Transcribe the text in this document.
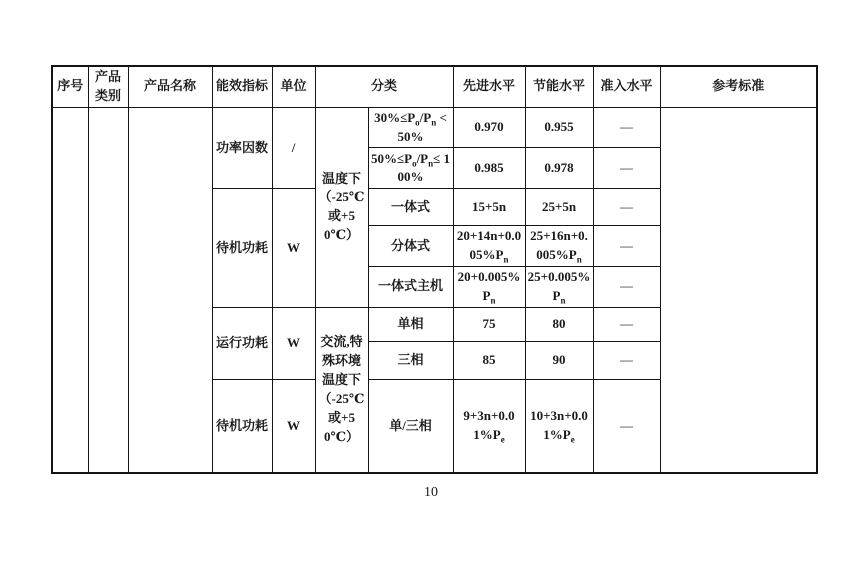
序号	产品类别	产品名称	能效指标	单位	分类		先进水平	节能水平	准入水平	参考标准
			功率因数	/	温度下（-25℃或+50℃）	$30\%\le P_o/P_n < 50\%$	0.970	0.955	—	
						$50\%\le P_o/P_n\le 100\%$	0.985	0.978	—	
			待机功耗	W		一体式	15+5n	25+5n	—	
						分体式	$20+14n+0.005\%P_n$	$25+16n+0.005\%P_n$	—	
						一体式主机	$20+0.005\%P_n$	$25+0.005\%P_n$	—	
			运行功耗	W	交流,特殊环境温度下（-25℃或+50℃）	单相	75	80	—	
						三相	85	90	—	
			待机功耗	W		单/三相	$9+3n+0.01\%P_e$	$10+3n+0.01\%P_e$	—	
10
